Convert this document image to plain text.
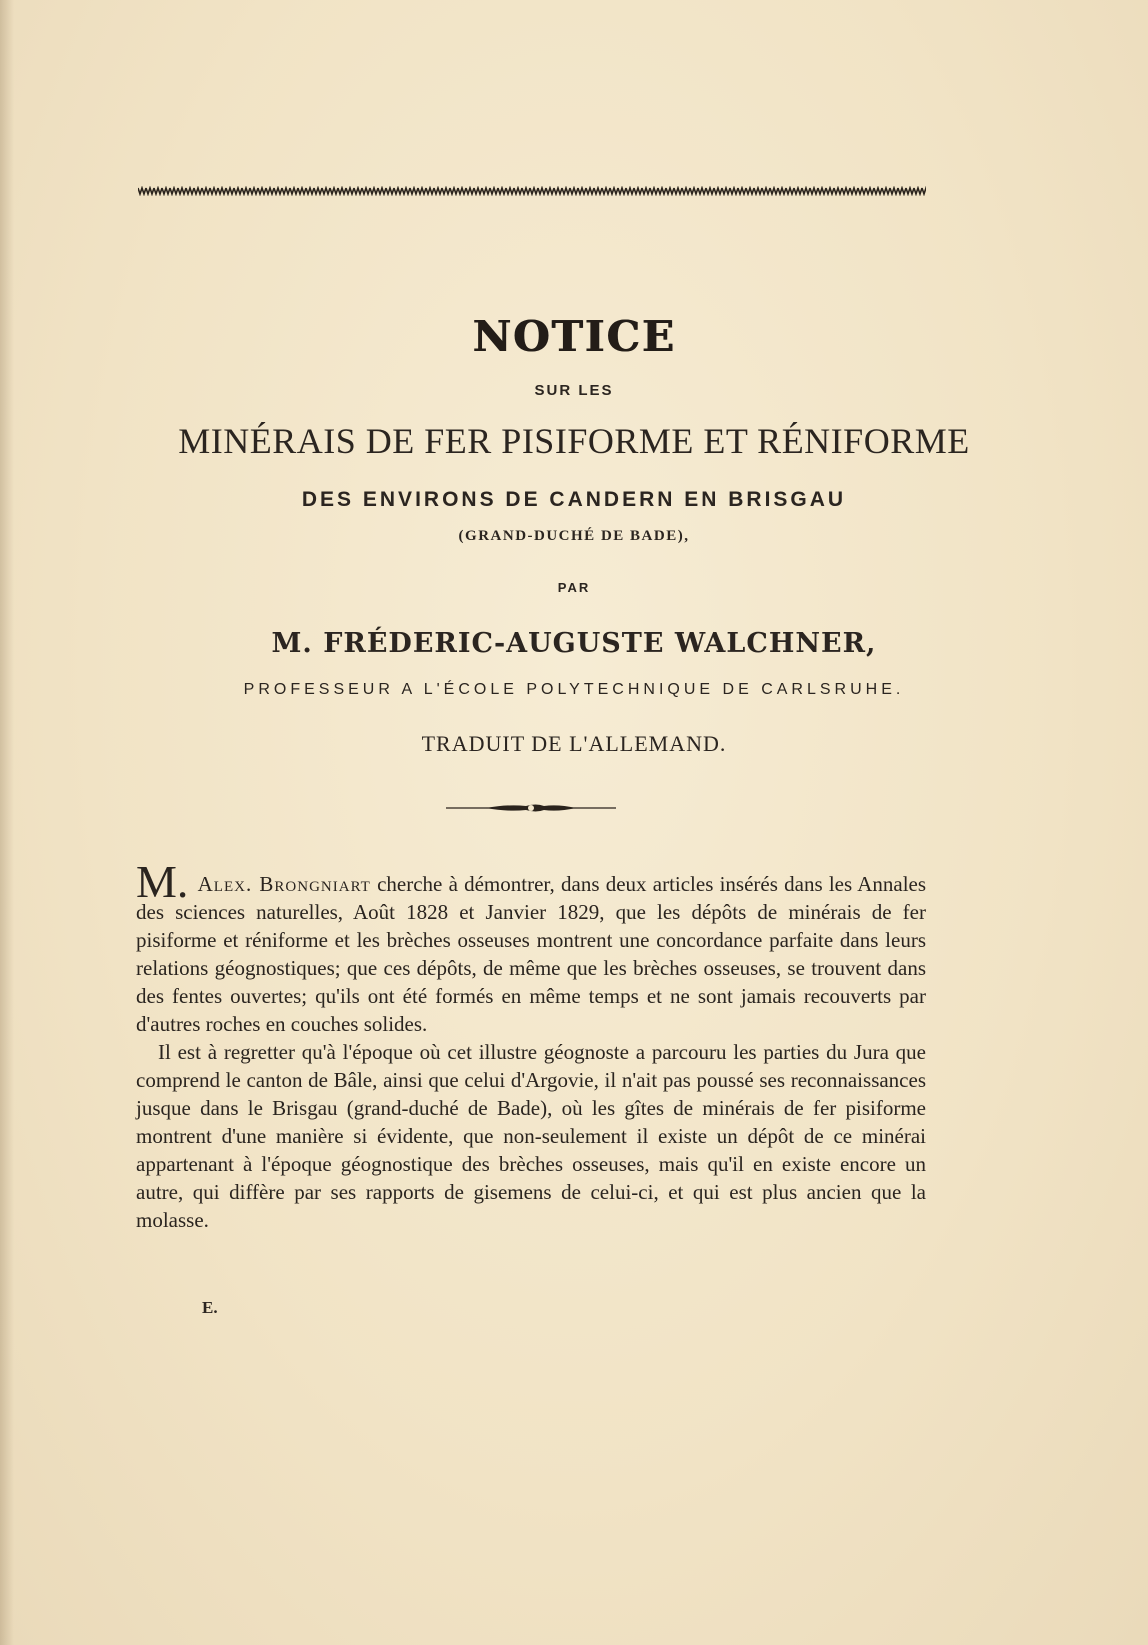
NOTICE
SUR LES
MINÉRAIS DE FER PISIFORME ET RÉNIFORME
DES ENVIRONS DE CANDERN EN BRISGAU
(GRAND-DUCHÉ DE BADE),
PAR
M. FRÉDERIC-AUGUSTE WALCHNER,
PROFESSEUR A L'ÉCOLE POLYTECHNIQUE DE CARLSRUHE.
TRADUIT DE L'ALLEMAND.

M. Alex. Brongniart cherche à démontrer, dans deux articles insérés dans les Annales des sciences naturelles, Août 1828 et Janvier 1829, que les dépôts de minérais de fer pisiforme et réniforme et les brèches osseuses montrent une concordance parfaite dans leurs relations géognostiques; que ces dépôts, de même que les brèches osseuses, se trouvent dans des fentes ouvertes; qu'ils ont été formés en même temps et ne sont jamais recouverts par d'autres roches en couches solides.

Il est à regretter qu'à l'époque où cet illustre géognoste a parcouru les parties du Jura que comprend le canton de Bâle, ainsi que celui d'Argovie, il n'ait pas poussé ses reconnaissances jusque dans le Brisgau (grand-duché de Bade), où les gîtes de minérais de fer pisiforme montrent d'une manière si évidente, que non-seulement il existe un dépôt de ce minérai appartenant à l'époque géognostique des brèches osseuses, mais qu'il en existe encore un autre, qui diffère par ses rapports de gisemens de celui-ci, et qui est plus ancien que la molasse.

E.
